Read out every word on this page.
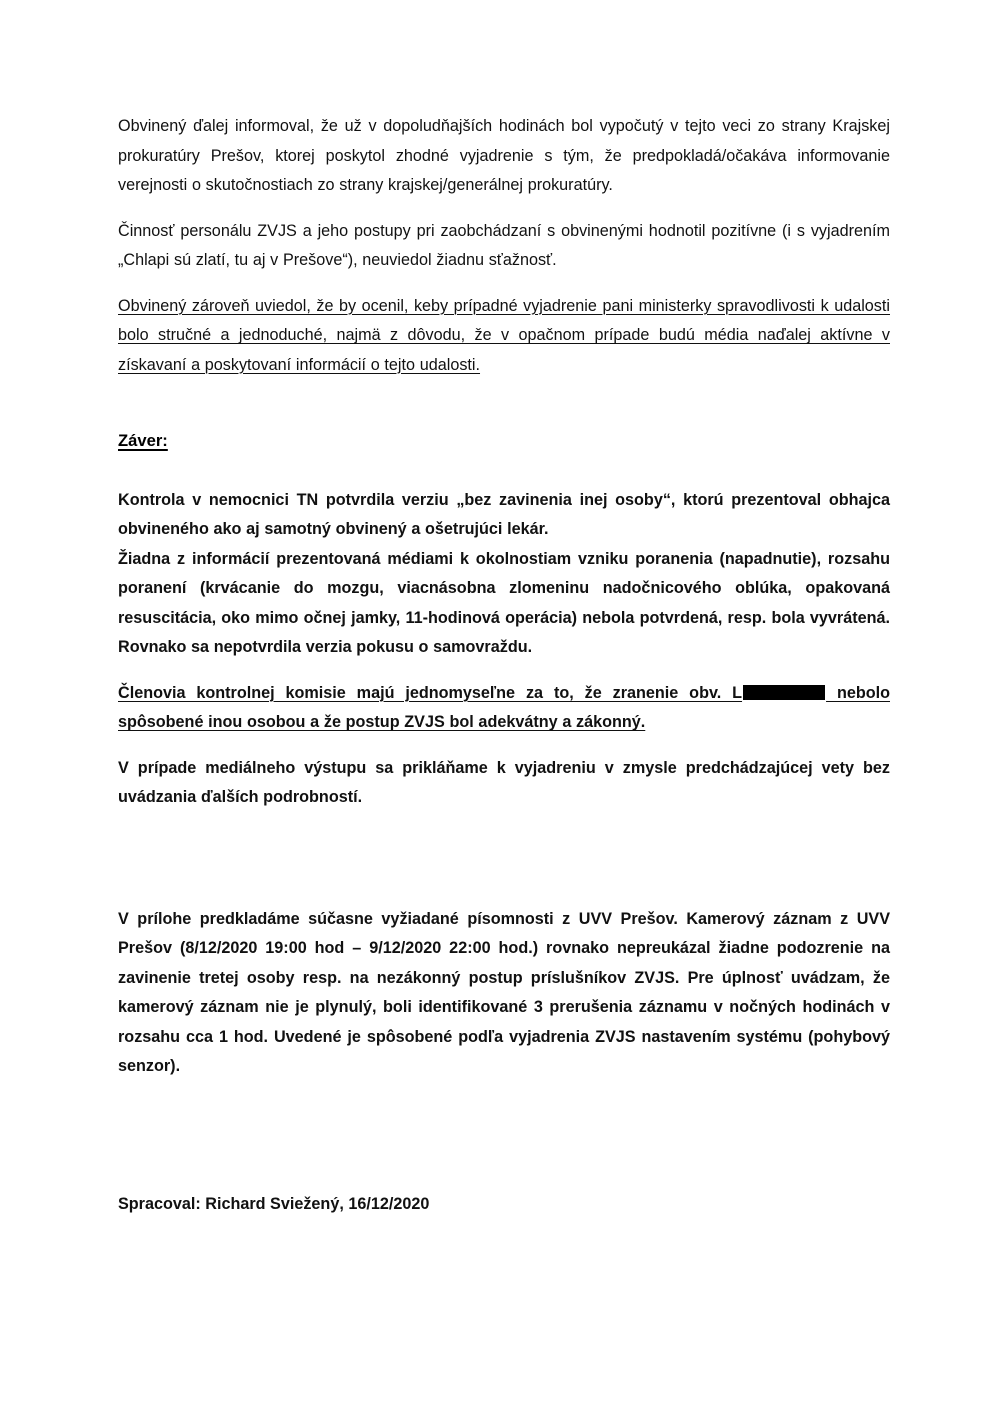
Obvinený ďalej informoval, že už v dopoludňajších hodinách bol vypočutý v tejto veci zo strany Krajskej prokuratúry Prešov, ktorej poskytol zhodné vyjadrenie s tým, že predpokladá/očakáva informovanie verejnosti o skutočnostiach zo strany krajskej/generálnej prokuratúry.

Činnosť personálu ZVJS a jeho postupy pri zaobchádzaní s obvinenými hodnotil pozitívne (i s vyjadrením „Chlapi sú zlatí, tu aj v Prešove“), neuviedol žiadnu sťažnosť.

Obvinený zároveň uviedol, že by ocenil, keby prípadné vyjadrenie pani ministerky spravodlivosti k udalosti bolo stručné a jednoduché, najmä z dôvodu, že v opačnom prípade budú média naďalej aktívne v získavaní a poskytovaní informácií o tejto udalosti.

Záver:

Kontrola v nemocnici TN potvrdila verziu „bez zavinenia inej osoby“, ktorú prezentoval obhajca obvineného ako aj samotný obvinený a ošetrujúci lekár.

Žiadna z informácií prezentovaná médiami k okolnostiam vzniku poranenia (napadnutie), rozsahu poranení (krvácanie do mozgu, viacnásobna zlomeninu nadočnicového oblúka, opakovaná resuscitácia, oko mimo očnej jamky, 11-hodinová operácia) nebola potvrdená, resp. bola vyvrátená. Rovnako sa nepotvrdila verzia pokusu o samovraždu.

Členovia kontrolnej komisie majú jednomyseľne za to, že zranenie obv. L	nebolo spôsobené inou osobou a že postup ZVJS bol adekvátny a zákonný.

V prípade mediálneho výstupu sa prikláňame k vyjadreniu v zmysle predchádzajúcej vety bez uvádzania ďalších podrobností.

V prílohe predkladáme súčasne vyžiadané písomnosti z UVV Prešov. Kamerový záznam z UVV Prešov (8/12/2020 19:00 hod – 9/12/2020 22:00 hod.) rovnako nepreukázal žiadne podozrenie na zavinenie tretej osoby resp. na nezákonný postup príslušníkov ZVJS. Pre úplnosť uvádzam, že kamerový záznam nie je plynulý, boli identifikované 3 prerušenia záznamu v nočných hodinách v rozsahu cca 1 hod. Uvedené je spôsobené podľa vyjadrenia ZVJS nastavením systému (pohybový senzor).

Spracoval: Richard Sviežený, 16/12/2020
